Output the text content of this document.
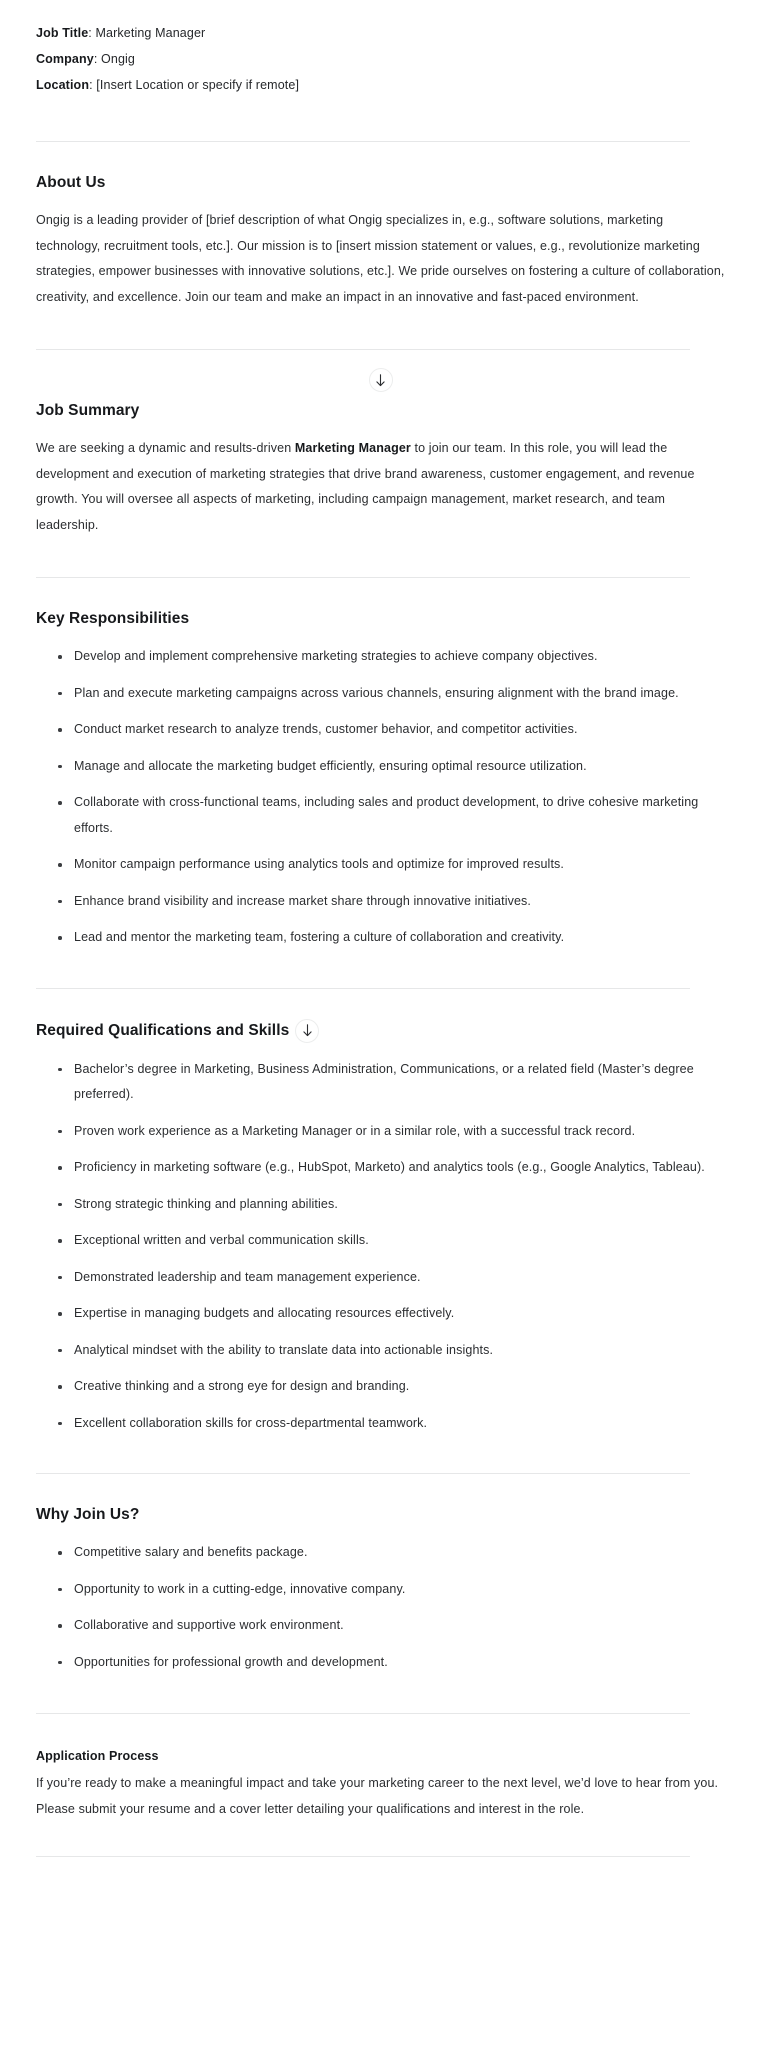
Job Title: Marketing Manager
Company: Ongig
Location: [Insert Location or specify if remote]
About Us

Ongig is a leading provider of [brief description of what Ongig specializes in, e.g., software solutions, marketing technology, recruitment tools, etc.]. Our mission is to [insert mission statement or values, e.g., revolutionize marketing strategies, empower businesses with innovative solutions, etc.]. We pride ourselves on fostering a culture of collaboration, creativity, and excellence. Join our team and make an impact in an innovative and fast-paced environment.

Job Summary

We are seeking a dynamic and results-driven Marketing Manager to join our team. In this role, you will lead the development and execution of marketing strategies that drive brand awareness, customer engagement, and revenue growth. You will oversee all aspects of marketing, including campaign management, market research, and team leadership.

Key Responsibilities
Develop and implement comprehensive marketing strategies to achieve company objectives.
Plan and execute marketing campaigns across various channels, ensuring alignment with the brand image.
Conduct market research to analyze trends, customer behavior, and competitor activities.
Manage and allocate the marketing budget efficiently, ensuring optimal resource utilization.
Collaborate with cross-functional teams, including sales and product development, to drive cohesive marketing efforts.
Monitor campaign performance using analytics tools and optimize for improved results.
Enhance brand visibility and increase market share through innovative initiatives.
Lead and mentor the marketing team, fostering a culture of collaboration and creativity.
Required Qualifications and Skills
Bachelor’s degree in Marketing, Business Administration, Communications, or a related field (Master’s degree preferred).
Proven work experience as a Marketing Manager or in a similar role, with a successful track record.
Proficiency in marketing software (e.g., HubSpot, Marketo) and analytics tools (e.g., Google Analytics, Tableau).
Strong strategic thinking and planning abilities.
Exceptional written and verbal communication skills.
Demonstrated leadership and team management experience.
Expertise in managing budgets and allocating resources effectively.
Analytical mindset with the ability to translate data into actionable insights.
Creative thinking and a strong eye for design and branding.
Excellent collaboration skills for cross-departmental teamwork.
Why Join Us?
Competitive salary and benefits package.
Opportunity to work in a cutting-edge, innovative company.
Collaborative and supportive work environment.
Opportunities for professional growth and development.
Application Process

If you’re ready to make a meaningful impact and take your marketing career to the next level, we’d love to hear from you. Please submit your resume and a cover letter detailing your qualifications and interest in the role.
